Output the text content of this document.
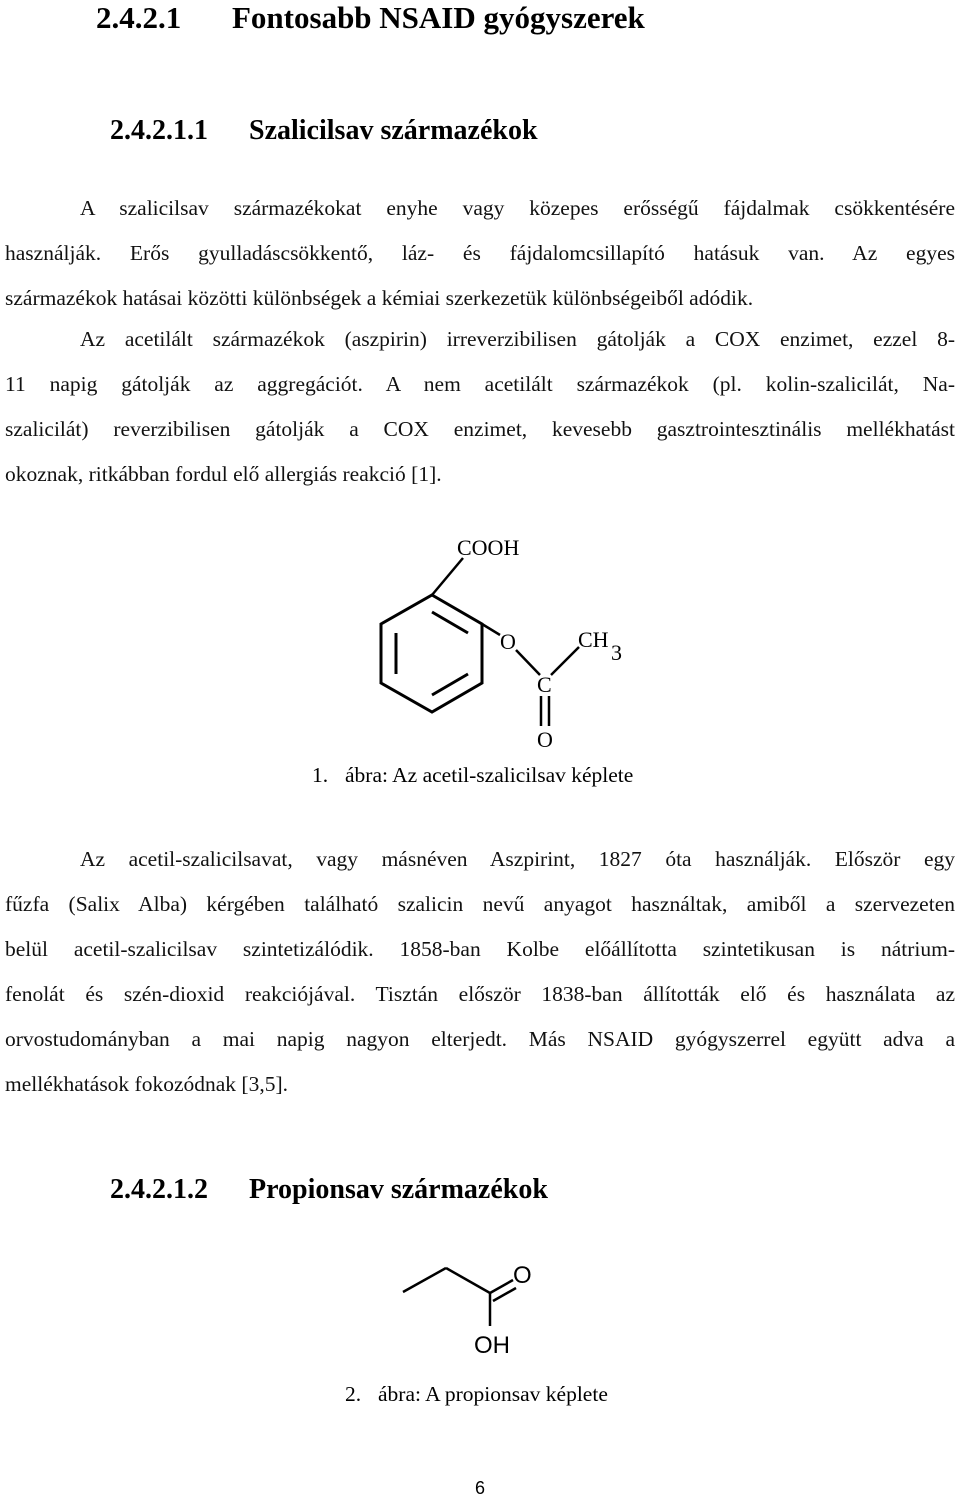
2.4.2.1 Fontosabb NSAID gyógyszerek
2.4.2.1.1 Szalicilsav származékok
A szalicilsav származékokat enyhe vagy közepes erősségű fájdalmak csökkentésére
használják. Erős gyulladáscsökkentő, láz- és fájdalomcsillapító hatásuk van. Az egyes
származékok hatásai közötti különbségek a kémiai szerkezetük különbségeiből adódik.
Az acetilált származékok (aszpirin) irreverzibilisen gátolják a COX enzimet, ezzel 8-
11 napig gátolják az aggregációt. A nem acetilált származékok (pl. kolin-szalicilát, Na-
szalicilát) reverzibilisen gátolják a COX enzimet, kevesebb gasztrointesztinális mellékhatást
okoznak, ritkábban fordul elő allergiás reakció [1].
COOH
O	CH
3
C
O

1. ábra: Az acetil-szalicilsav képlete

Az acetil-szalicilsavat, vagy másnéven Aszpirint, 1827 óta használják. Először egy
fűzfa (Salix Alba) kérgében található szalicin nevű anyagot használtak, amiből a szervezeten
belül acetil-szalicilsav szintetizálódik. 1858-ban Kolbe előállította szintetikusan is nátrium-
fenolát és szén-dioxid reakciójával. Tisztán először 1838-ban állították elő és használata az
orvostudományban a mai napig nagyon elterjedt. Más NSAID gyógyszerrel együtt adva a
mellékhatások fokozódnak [3,5].
2.4.2.1.2 Propionsav származékok
O
OH

2. ábra: A propionsav képlete

6
